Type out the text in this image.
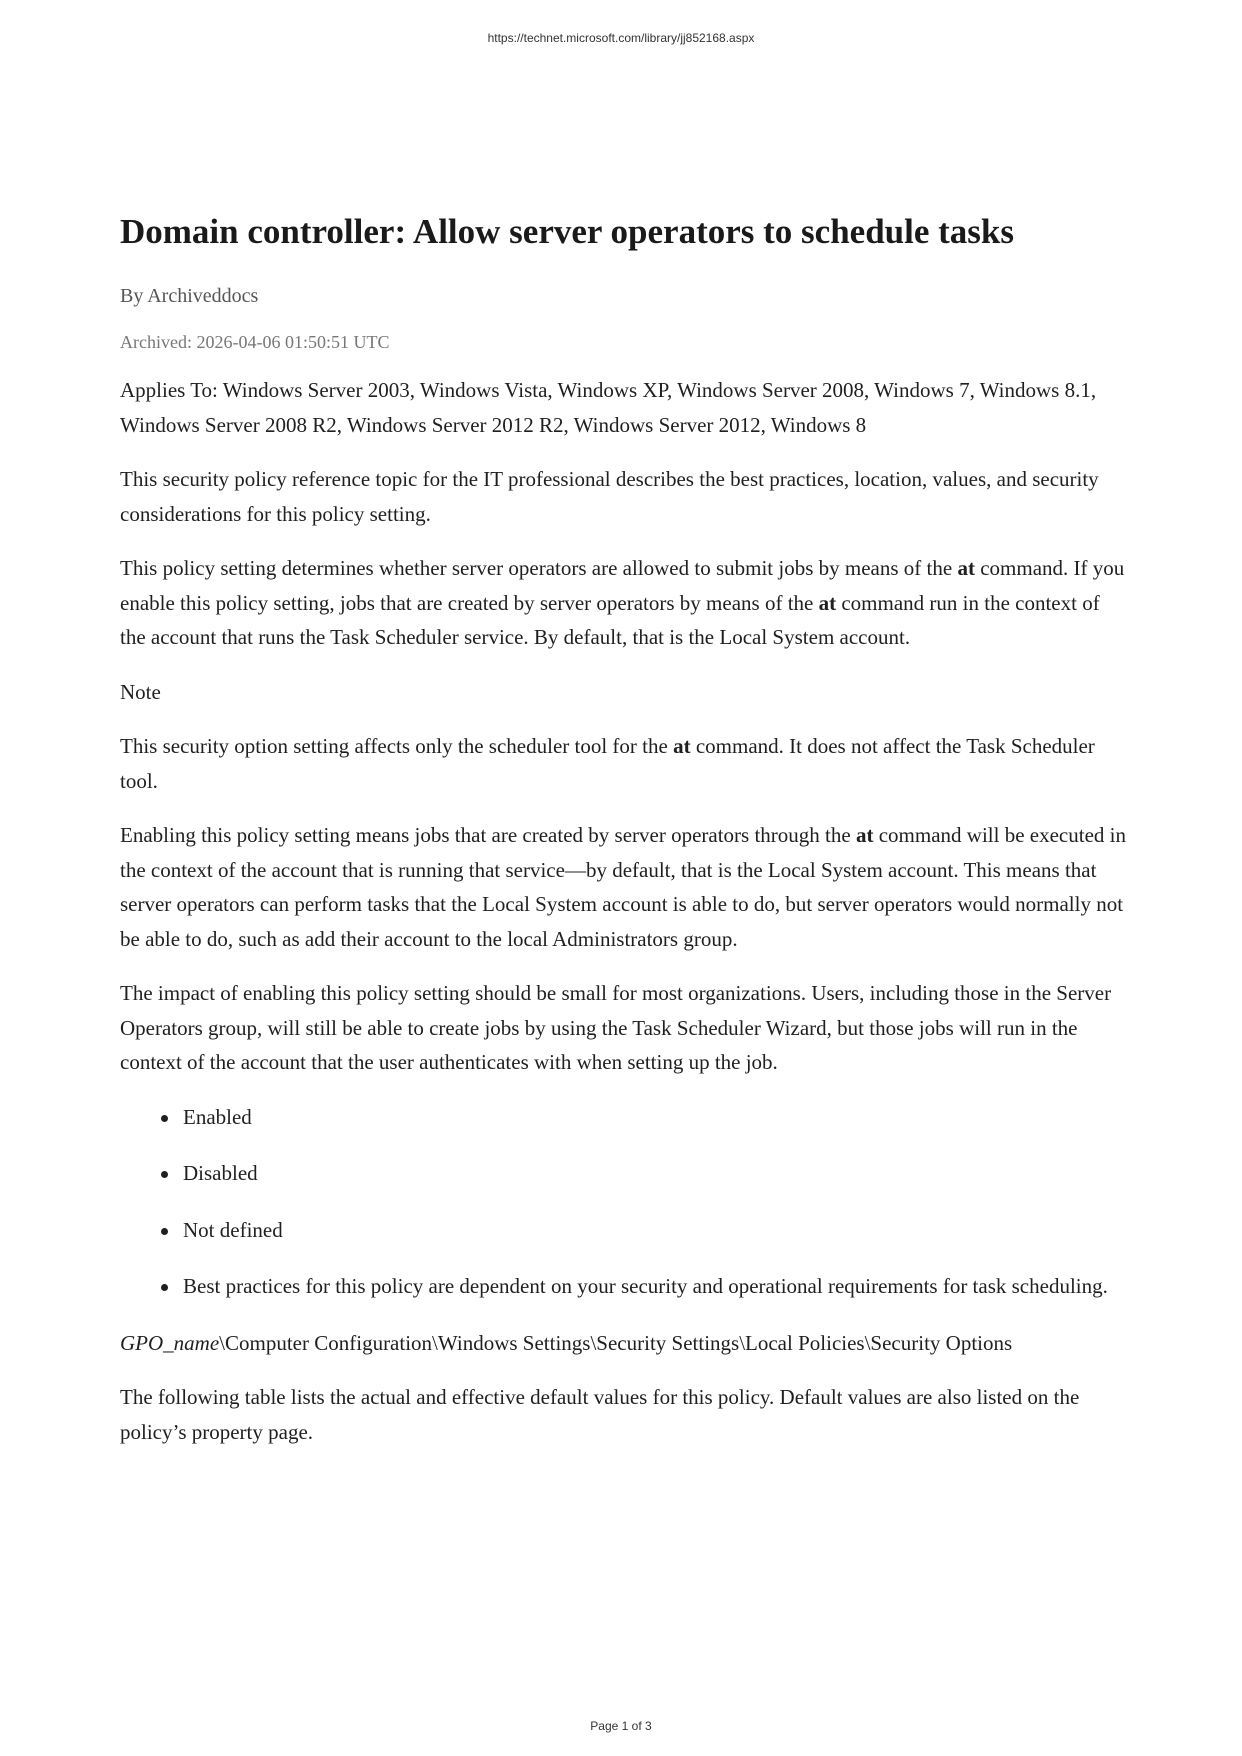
https://technet.microsoft.com/library/jj852168.aspx
Domain controller: Allow server operators to schedule tasks
By Archiveddocs
Archived: 2026-04-06 01:50:51 UTC

Applies To: Windows Server 2003, Windows Vista, Windows XP, Windows Server 2008, Windows 7, Windows 8.1, Windows Server 2008 R2, Windows Server 2012 R2, Windows Server 2012, Windows 8

This security policy reference topic for the IT professional describes the best practices, location, values, and security considerations for this policy setting.

This policy setting determines whether server operators are allowed to submit jobs by means of the at command. If you enable this policy setting, jobs that are created by server operators by means of the at command run in the context of the account that runs the Task Scheduler service. By default, that is the Local System account.

Note

This security option setting affects only the scheduler tool for the at command. It does not affect the Task Scheduler tool.

Enabling this policy setting means jobs that are created by server operators through the at command will be executed in the context of the account that is running that service—by default, that is the Local System account. This means that server operators can perform tasks that the Local System account is able to do, but server operators would normally not be able to do, such as add their account to the local Administrators group.

The impact of enabling this policy setting should be small for most organizations. Users, including those in the Server Operators group, will still be able to create jobs by using the Task Scheduler Wizard, but those jobs will run in the context of the account that the user authenticates with when setting up the job.

Enabled
Disabled
Not defined
Best practices for this policy are dependent on your security and operational requirements for task scheduling.

GPO_name\Computer Configuration\Windows Settings\Security Settings\Local Policies\Security Options

The following table lists the actual and effective default values for this policy. Default values are also listed on the policy’s property page.

Page 1 of 3
